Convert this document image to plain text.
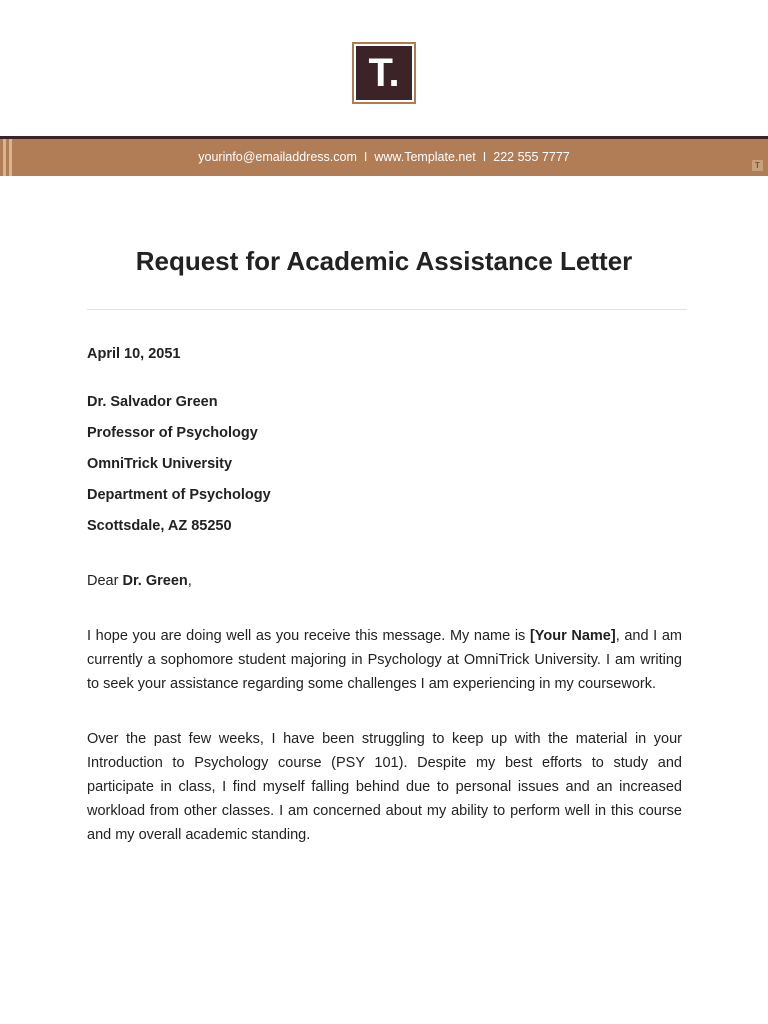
T.
yourinfo@emailaddress.com I www.Template.net I 222 555 7777
T
Request for Academic Assistance Letter

April 10, 2051

Dr. Salvador Green

Professor of Psychology

OmniTrick University

Department of Psychology

Scottsdale, AZ 85250

Dear Dr. Green,

I hope you are doing well as you receive this message. My name is [Your Name], and I am currently a sophomore student majoring in Psychology at OmniTrick University. I am writing to seek your assistance regarding some challenges I am experiencing in my coursework.

Over the past few weeks, I have been struggling to keep up with the material in your Introduction to Psychology course (PSY 101). Despite my best efforts to study and participate in class, I find myself falling behind due to personal issues and an increased workload from other classes. I am concerned about my ability to perform well in this course and my overall academic standing.
